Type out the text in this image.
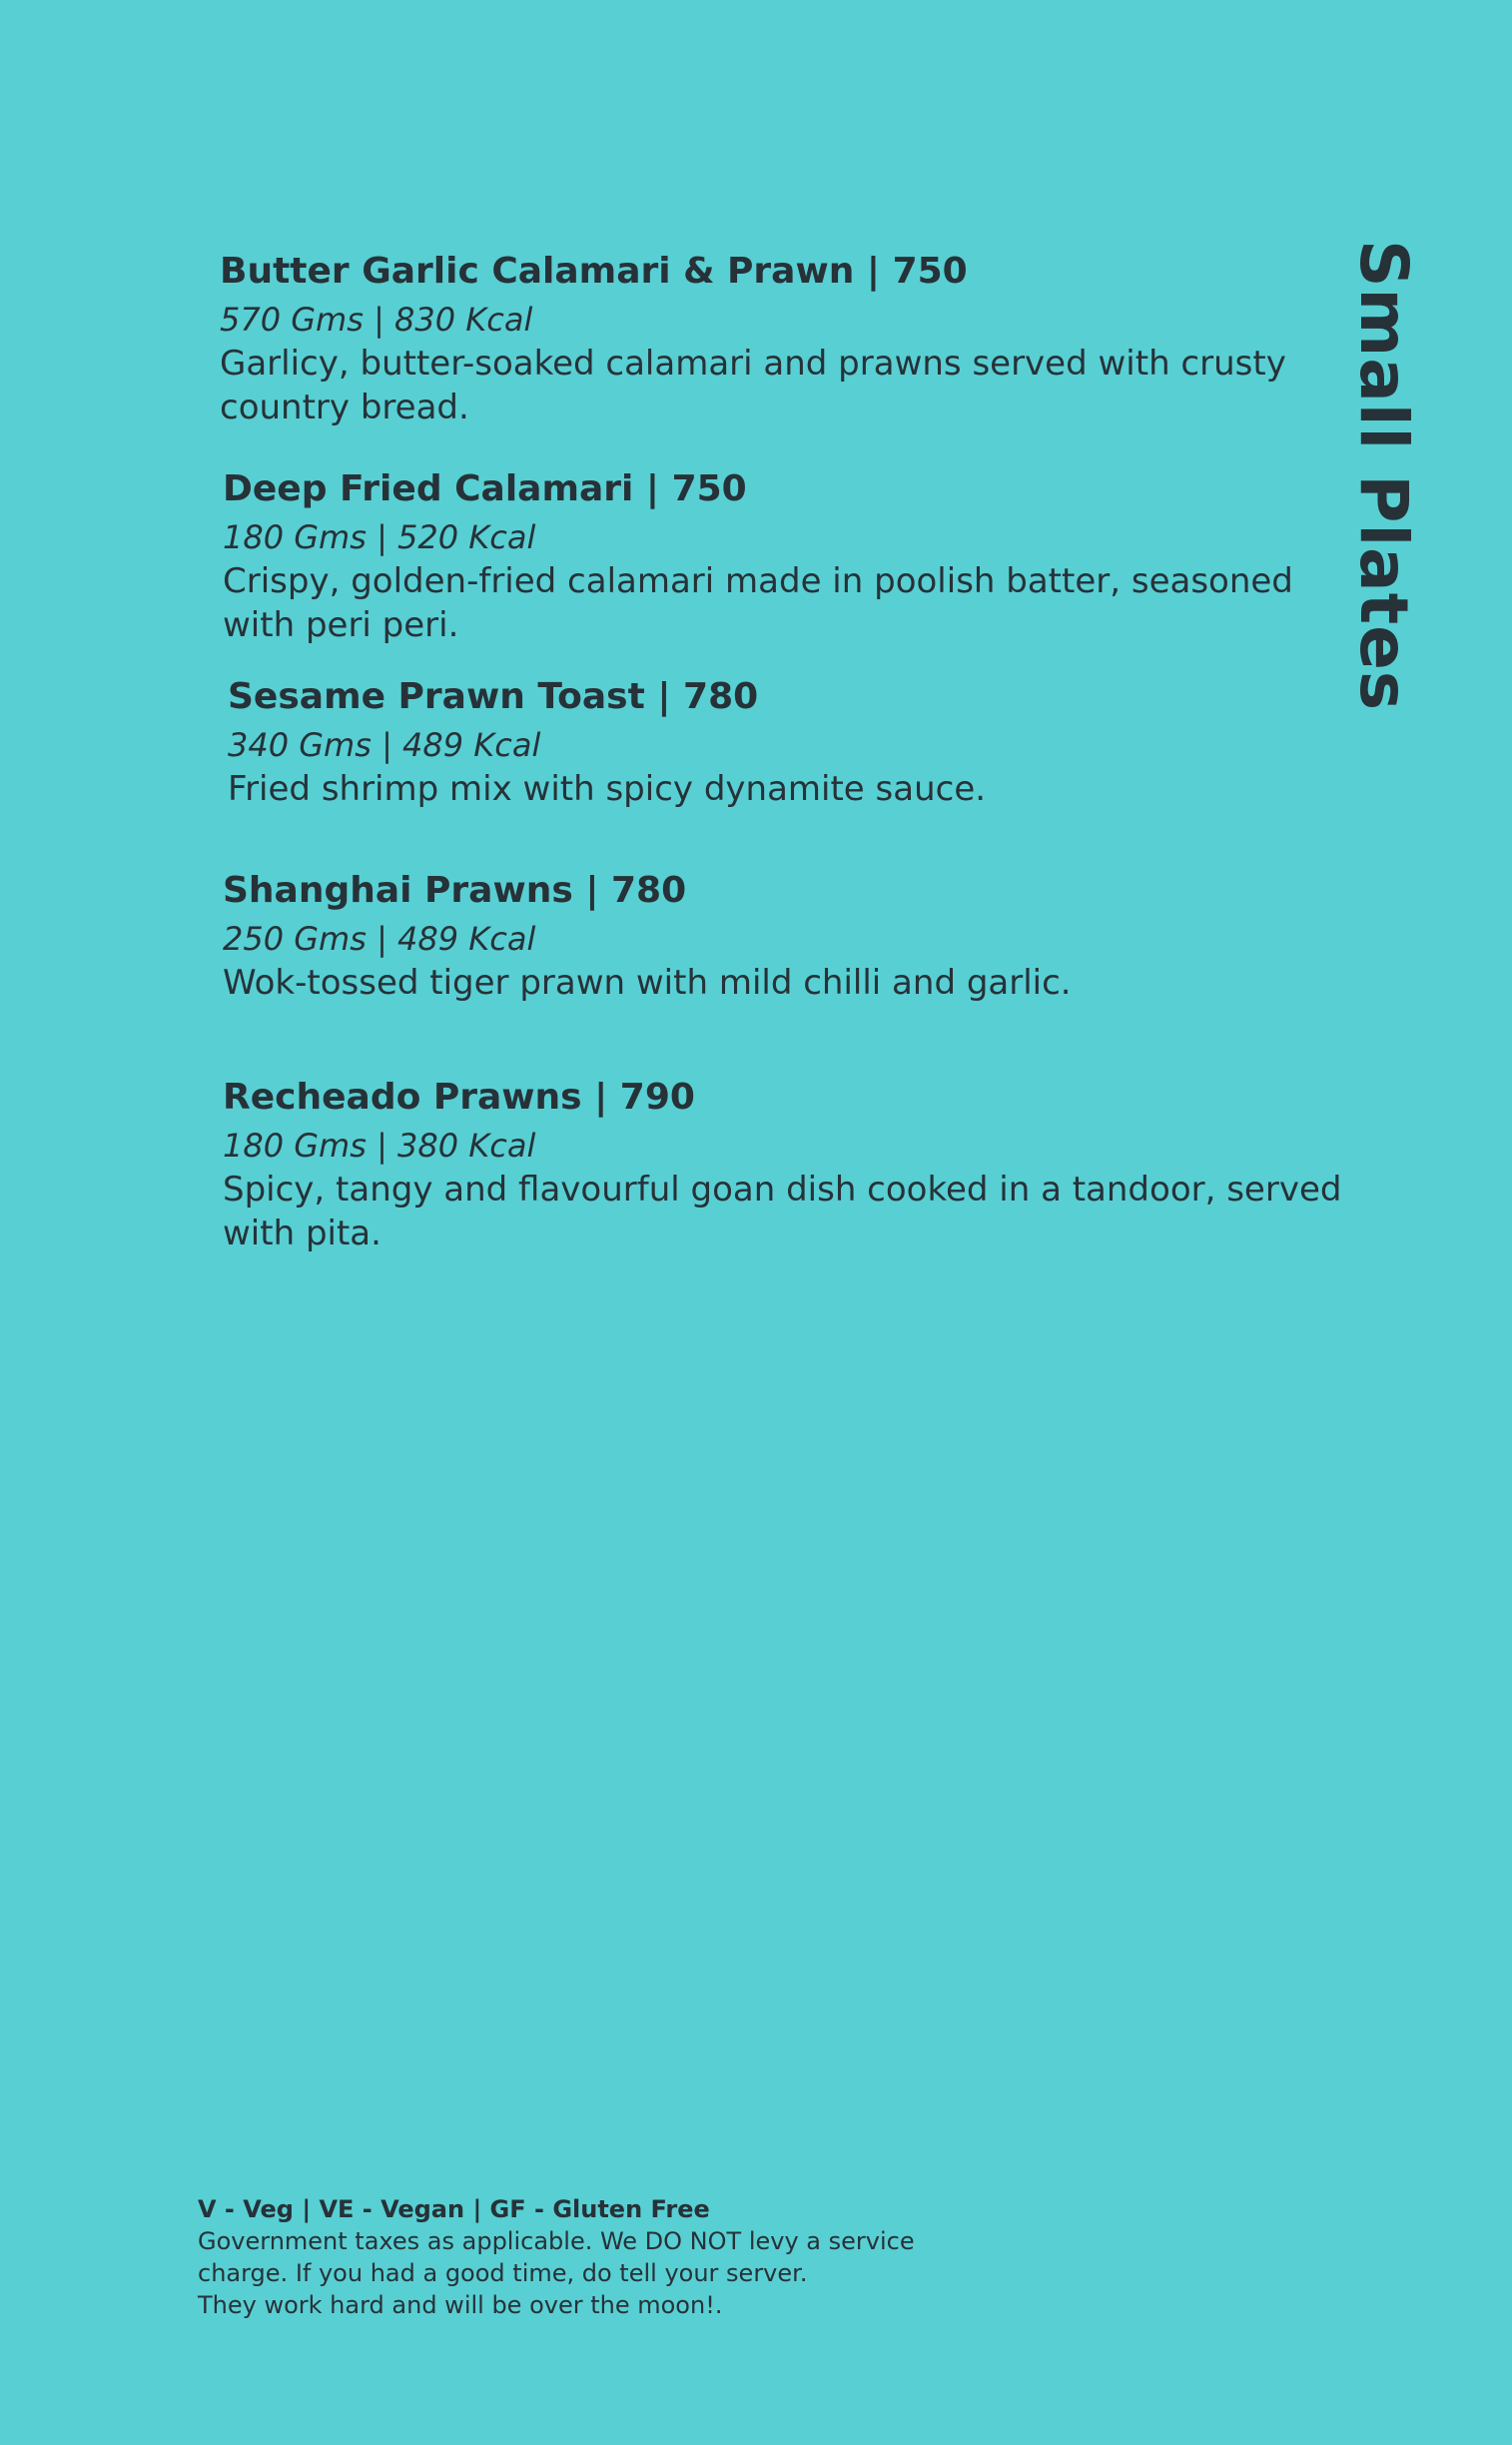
Small Plates
Butter Garlic Calamari & Prawn | 750
570 Gms | 830 Kcal
Garlicy, butter-soaked calamari and prawns served with crusty country bread.
Deep Fried Calamari | 750
180 Gms | 520 Kcal
Crispy, golden-fried calamari made in poolish batter, seasoned with peri peri.
Sesame Prawn Toast | 780
340 Gms | 489 Kcal
Fried shrimp mix with spicy dynamite sauce.
Shanghai Prawns | 780
250 Gms | 489 Kcal
Wok-tossed tiger prawn with mild chilli and garlic.
Recheado Prawns | 790
180 Gms | 380 Kcal
Spicy, tangy and flavourful goan dish cooked in a tandoor, served with pita.
V - Veg | VE - Vegan | GF - Gluten Free
Government taxes as applicable. We DO NOT levy a service
charge. If you had a good time, do tell your server.
They work hard and will be over the moon!.
